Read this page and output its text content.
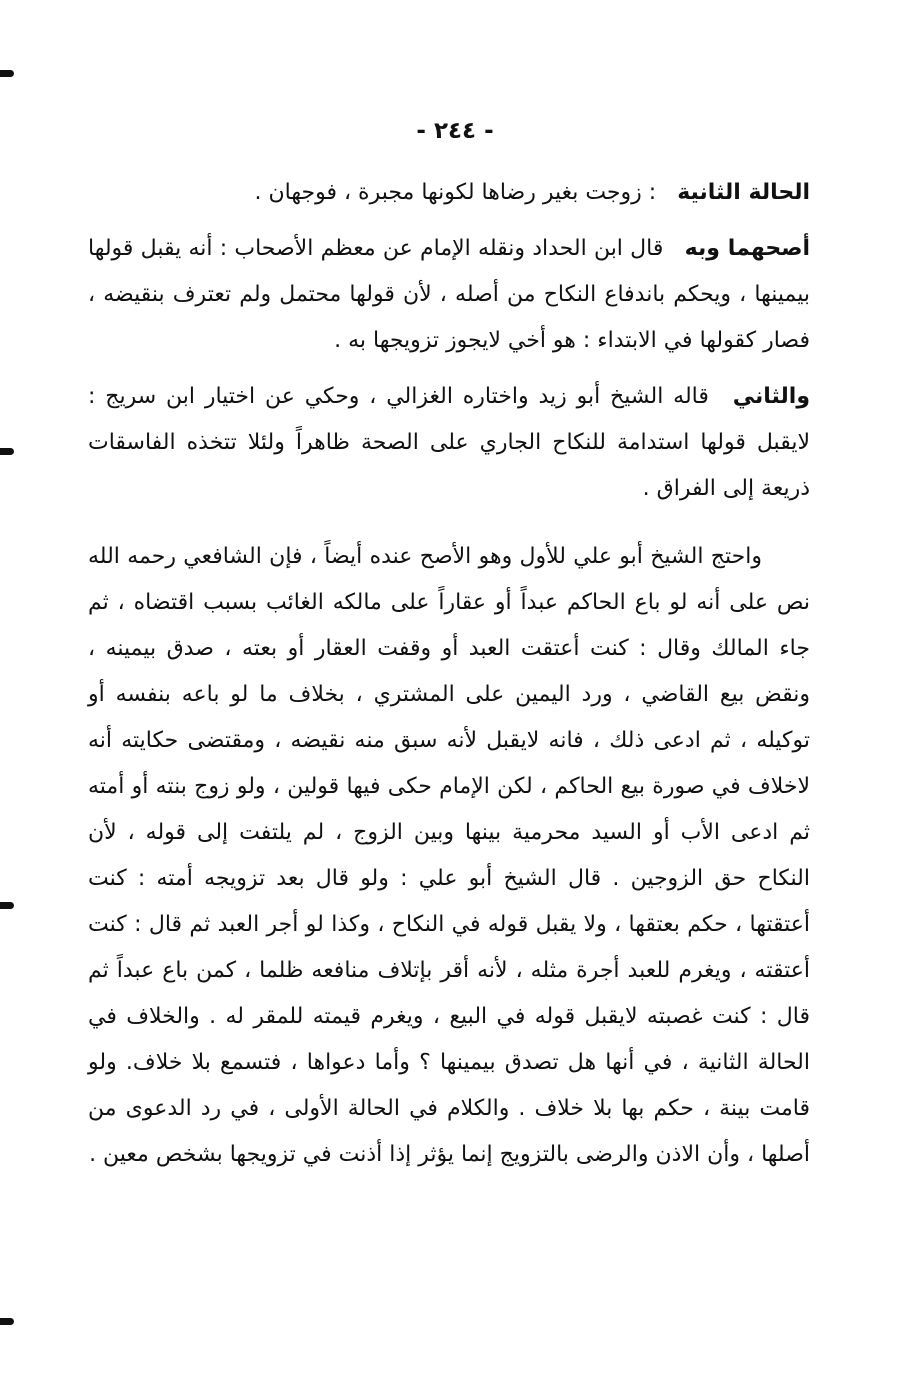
- ٢٤٤ -

الحالة الثانية : زوجت بغير رضاها لكونها مجبرة ، فوجهان .

أصحهما وبه قال ابن الحداد ونقله الإمام عن معظم الأصحاب : أنه يقبل قولها بيمينها ، ويحكم باندفاع النكاح من أصله ، لأن قولها محتمل ولم تعترف بنقيضه ، فصار كقولها في الابتداء : هو أخي لايجوز تزويجها به .

والثاني قاله الشيخ أبو زيد واختاره الغزالي ، وحكي عن اختيار ابن سريج : لايقبل قولها استدامة للنكاح الجاري على الصحة ظاهراً ولئلا تتخذه الفاسقات ذريعة إلى الفراق .

واحتج الشيخ أبو علي للأول وهو الأصح عنده أيضاً ، فإن الشافعي رحمه الله نص على أنه لو باع الحاكم عبداً أو عقاراً على مالكه الغائب بسبب اقتضاه ، ثم جاء المالك وقال : كنت أعتقت العبد أو وقفت العقار أو بعته ، صدق بيمينه ، ونقض بيع القاضي ، ورد اليمين على المشتري ، بخلاف ما لو باعه بنفسه أو توكيله ، ثم ادعى ذلك ، فانه لايقبل لأنه سبق منه نقيضه ، ومقتضى حكايته أنه لاخلاف في صورة بيع الحاكم ، لكن الإمام حكى فيها قولين ، ولو زوج بنته أو أمته ثم ادعى الأب أو السيد محرمية بينها وبين الزوج ، لم يلتفت إلى قوله ، لأن النكاح حق الزوجين . قال الشيخ أبو علي : ولو قال بعد تزويجه أمته : كنت أعتقتها ، حكم بعتقها ، ولا يقبل قوله في النكاح ، وكذا لو أجر العبد ثم قال : كنت أعتقته ، ويغرم للعبد أجرة مثله ، لأنه أقر بإتلاف منافعه ظلما ، كمن باع عبداً ثم قال : كنت غصبته لايقبل قوله في البيع ، ويغرم قيمته للمقر له . والخلاف في الحالة الثانية ، في أنها هل تصدق بيمينها ؟ وأما دعواها ، فتسمع بلا خلاف. ولو قامت بينة ، حكم بها بلا خلاف . والكلام في الحالة الأولى ، في رد الدعوى من أصلها ، وأن الاذن والرضى بالتزويج إنما يؤثر إذا أذنت في تزويجها بشخص معين .
